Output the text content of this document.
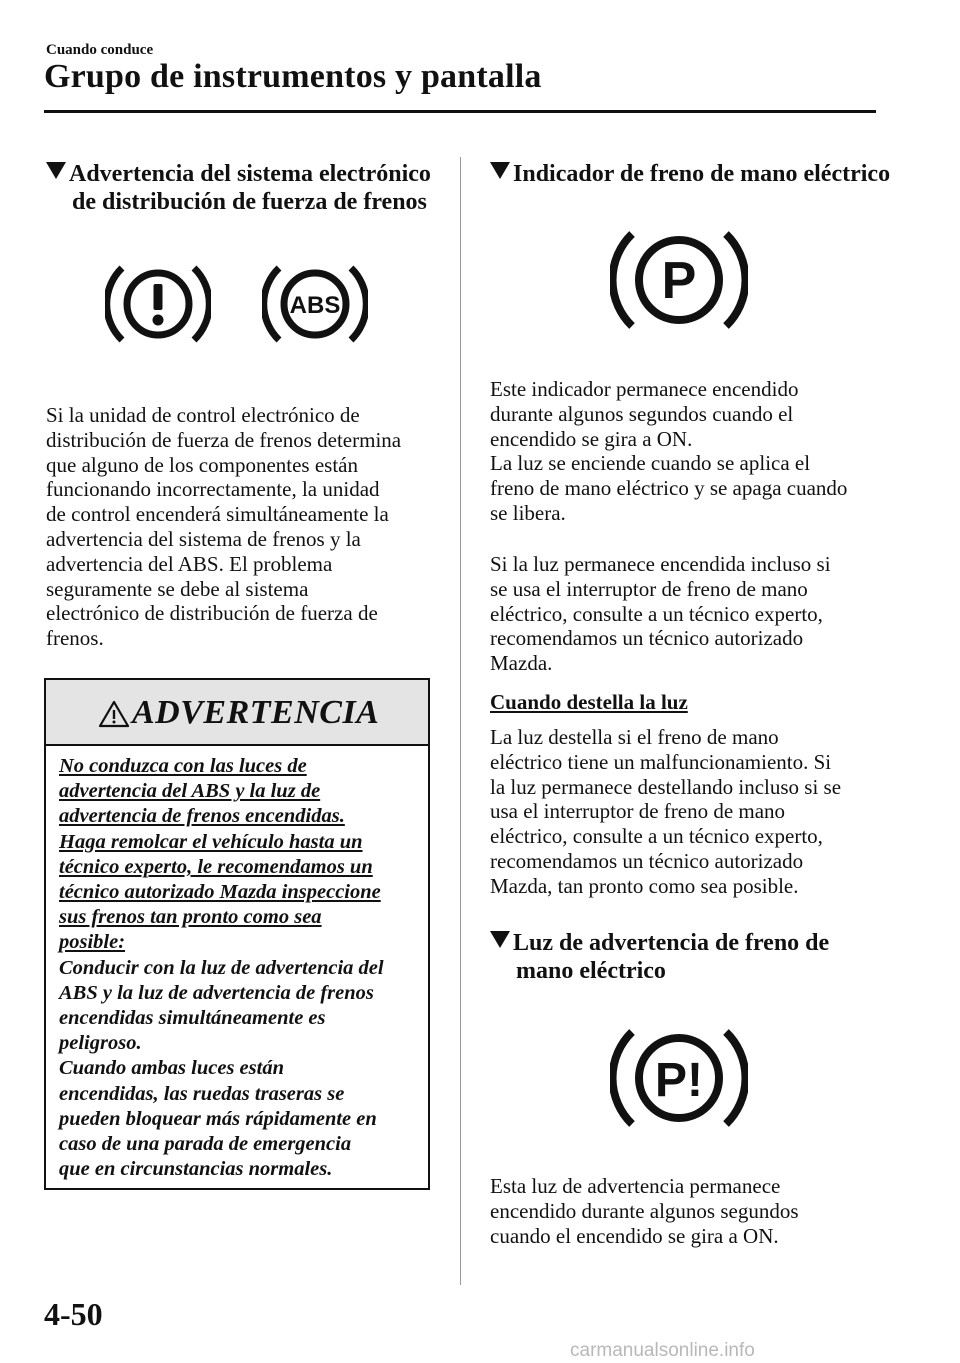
Cuando conduce
Grupo de instrumentos y pantalla
Advertencia del sistema electrónico
de distribución de fuerza de frenos
ABS

Si la unidad de control electrónico de

distribución de fuerza de frenos determina

que alguno de los componentes están

funcionando incorrectamente, la unidad

de control encenderá simultáneamente la

advertencia del sistema de frenos y la

advertencia del ABS. El problema

seguramente se debe al sistema

electrónico de distribución de fuerza de

frenos.

ADVERTENCIA
No conduzca con las luces de
advertencia del ABS y la luz de
advertencia de frenos encendidas.
Haga remolcar el vehículo hasta un
técnico experto, le recomendamos un
técnico autorizado Mazda inspeccione
sus frenos tan pronto como sea
posible:
Conducir con la luz de advertencia del
ABS y la luz de advertencia de frenos
encendidas simultáneamente es
peligroso.
Cuando ambas luces están
encendidas, las ruedas traseras se
pueden bloquear más rápidamente en
caso de una parada de emergencia
que en circunstancias normales.
Indicador de freno de mano eléctrico
P

Este indicador permanece encendido

durante algunos segundos cuando el

encendido se gira a ON.

La luz se enciende cuando se aplica el

freno de mano eléctrico y se apaga cuando

se libera.

Si la luz permanece encendida incluso si

se usa el interruptor de freno de mano

eléctrico, consulte a un técnico experto,

recomendamos un técnico autorizado

Mazda.

Cuando destella la luz

La luz destella si el freno de mano

eléctrico tiene un malfuncionamiento. Si

la luz permanece destellando incluso si se

usa el interruptor de freno de mano

eléctrico, consulte a un técnico experto,

recomendamos un técnico autorizado

Mazda, tan pronto como sea posible.

Luz de advertencia de freno de
mano eléctrico
P!

Esta luz de advertencia permanece

encendido durante algunos segundos

cuando el encendido se gira a ON.

4-50
carmanualsonline.info
